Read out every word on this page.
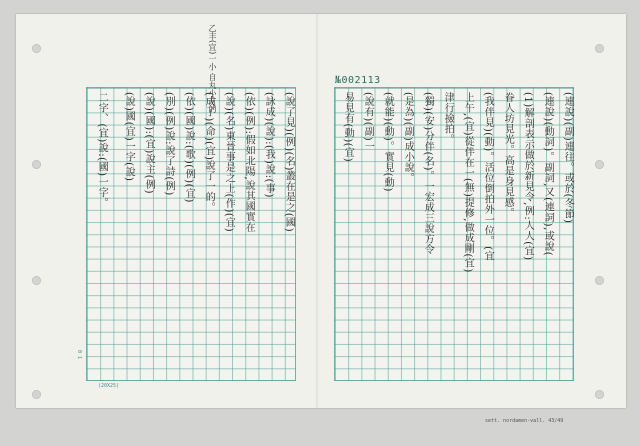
№002113
乙丰(宜)一小 自丸小方的
(20X25)
0 1
sett. nordamen-vall. 43/49
(連說)(副)連往。或於(冬節)
(連說)(動詞)。副詞,又(連詞),或說(
(1)解剖表示做於新見令,例:人人(宜)
眷人坊見光。高是身見感。
(我伴見)(動)。活位倒拍外一位。(宜
上午,(宜)從伴在一(無)提修,做成剛(宜)
津行撿拍。
(獨)(安)分伴(名)。一宏成三說方令
(是為)(副)成小說。
(就能)(動)。實見(動)
(說有)(副)一
易見有(動)(宜)
(說了見)(例)(名)叢在是之(國)
(詠成)(說):(我)說:(事)
(依)(例):假如北陽,說其國實在
(說)(名)東晉事是之上(作)(宜)
(成了)(命)(宜)說了一的。
(依)(國)說:(歌)(例)(宜)
(別)(例)說:說了詩(例)
(說)(國):(宜)說主(例)
(說)國(宜)一字(說)
二字、(宜)說:(國)一字。
